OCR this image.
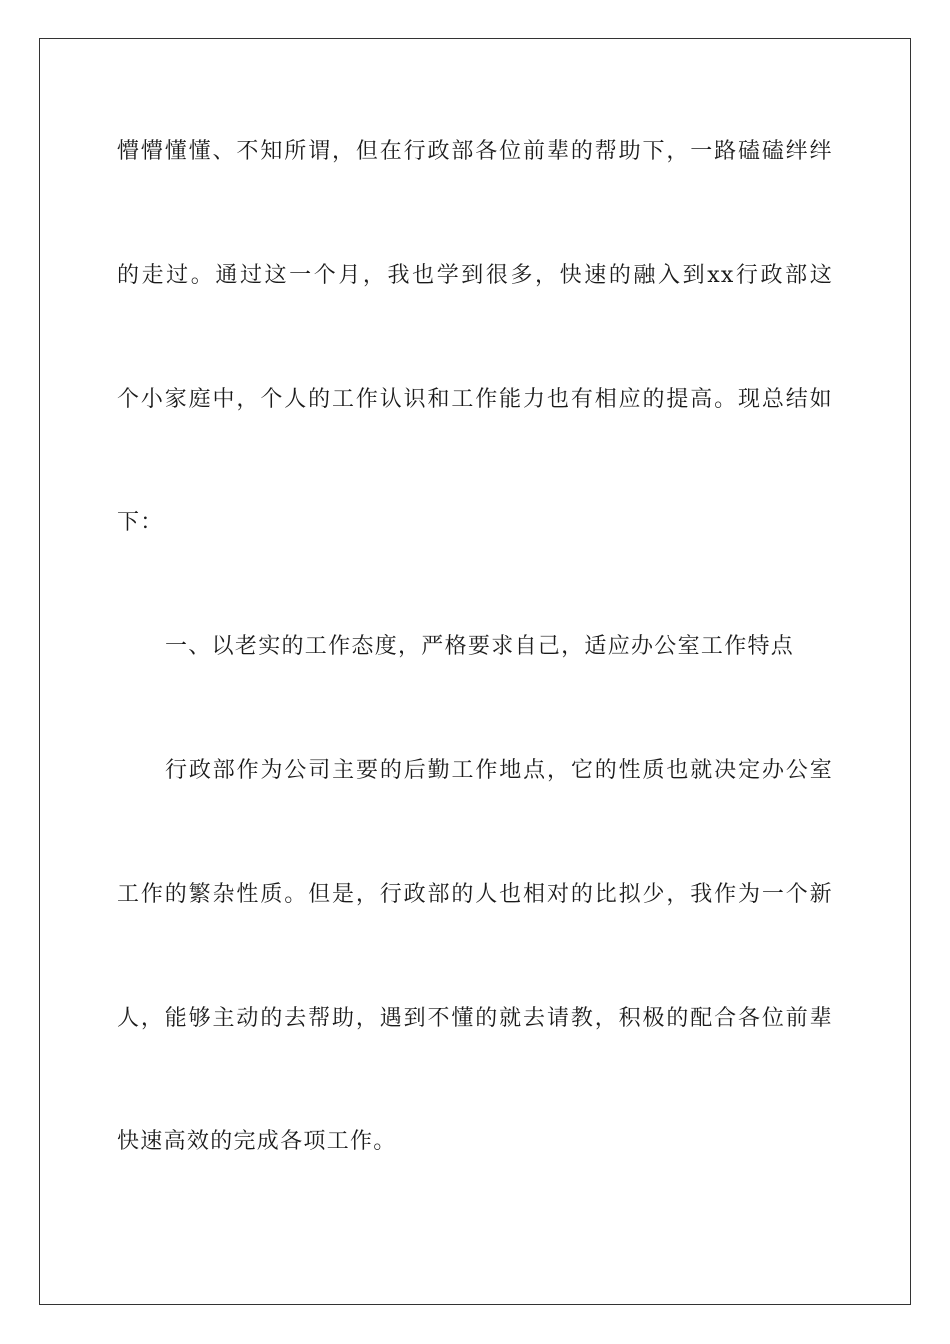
懵懵懂懂、不知所谓，但在行政部各位前辈的帮助下，一路磕磕绊绊
的走过。通过这一个月，我也学到很多，快速的融入到xx行政部这
个小家庭中，个人的工作认识和工作能力也有相应的提高。现总结如
下：
一、以老实的工作态度，严格要求自己，适应办公室工作特点
行政部作为公司主要的后勤工作地点，它的性质也就决定办公室
工作的繁杂性质。但是，行政部的人也相对的比拟少，我作为一个新
人，能够主动的去帮助，遇到不懂的就去请教，积极的配合各位前辈
快速高效的完成各项工作。
